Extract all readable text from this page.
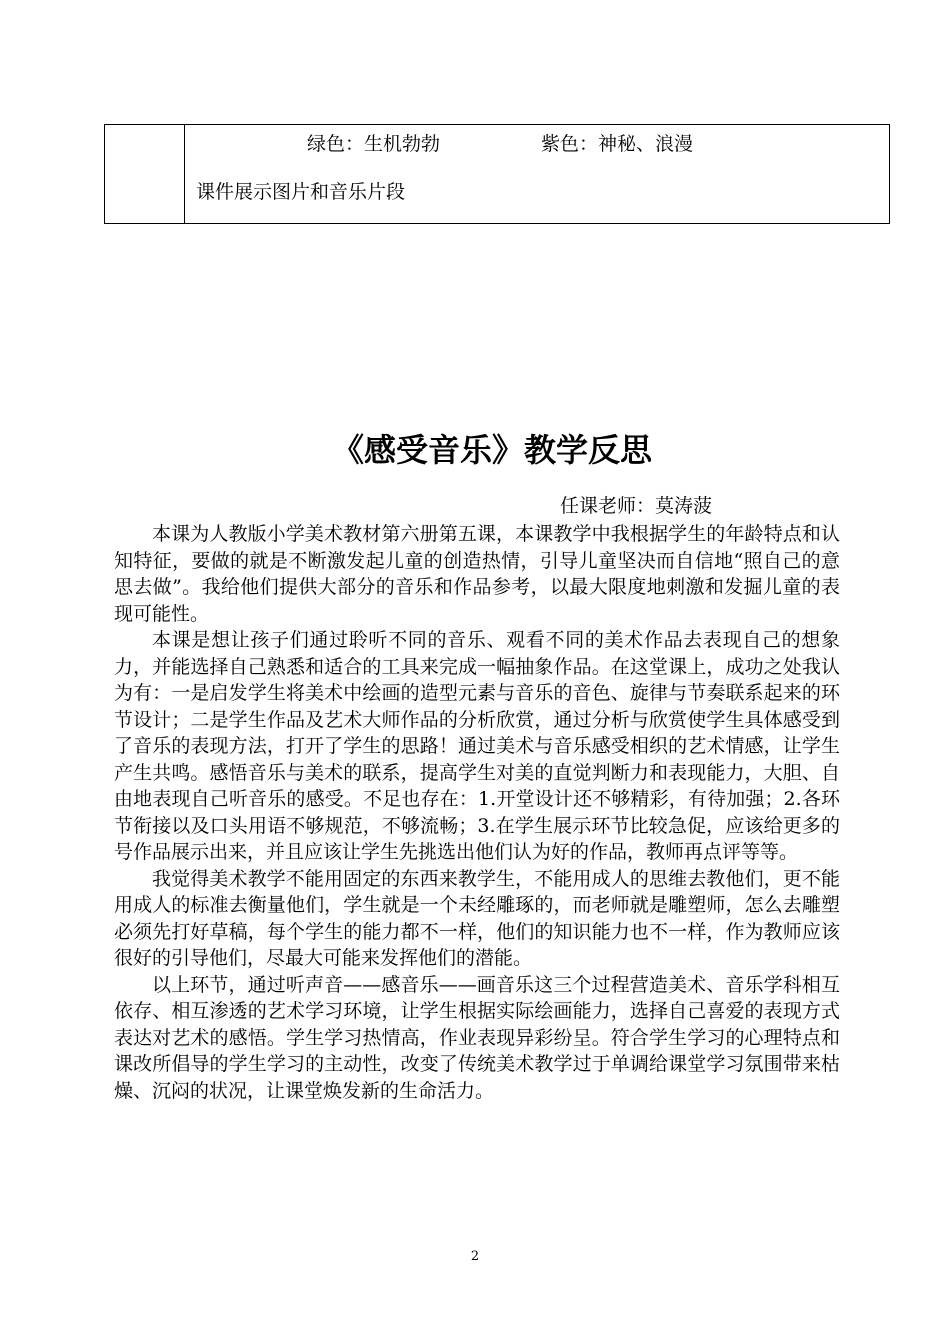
绿色：生机勃勃	紫色：神秘、浪漫
课件展示图片和音乐片段
《感受音乐》教学反思
任课老师：莫涛菠

本课为人教版小学美术教材第六册第五课，本课教学中我根据学生的年龄特点和认知特征，要做的就是不断激发起儿童的创造热情，引导儿童坚决而自信地“照自己的意思去做”。我给他们提供大部分的音乐和作品参考，以最大限度地刺激和发掘儿童的表现可能性。

本课是想让孩子们通过聆听不同的音乐、观看不同的美术作品去表现自己的想象力，并能选择自己熟悉和适合的工具来完成一幅抽象作品。在这堂课上，成功之处我认为有：一是启发学生将美术中绘画的造型元素与音乐的音色、旋律与节奏联系起来的环节设计；二是学生作品及艺术大师作品的分析欣赏，通过分析与欣赏使学生具体感受到了音乐的表现方法，打开了学生的思路！通过美术与音乐感受相织的艺术情感，让学生产生共鸣。感悟音乐与美术的联系，提高学生对美的直觉判断力和表现能力，大胆、自由地表现自己听音乐的感受。不足也存在：1.开堂设计还不够精彩，有待加强；2.各环节衔接以及口头用语不够规范，不够流畅；3.在学生展示环节比较急促，应该给更多的号作品展示出来，并且应该让学生先挑选出他们认为好的作品，教师再点评等等。

我觉得美术教学不能用固定的东西来教学生，不能用成人的思维去教他们，更不能用成人的标准去衡量他们，学生就是一个未经雕琢的，而老师就是雕塑师，怎么去雕塑必须先打好草稿，每个学生的能力都不一样，他们的知识能力也不一样，作为教师应该很好的引导他们，尽最大可能来发挥他们的潜能。

以上环节，通过听声音——感音乐——画音乐这三个过程营造美术、音乐学科相互依存、相互渗透的艺术学习环境，让学生根据实际绘画能力，选择自己喜爱的表现方式表达对艺术的感悟。学生学习热情高，作业表现异彩纷呈。符合学生学习的心理特点和课改所倡导的学生学习的主动性，改变了传统美术教学过于单调给课堂学习氛围带来枯燥、沉闷的状况，让课堂焕发新的生命活力。

2
